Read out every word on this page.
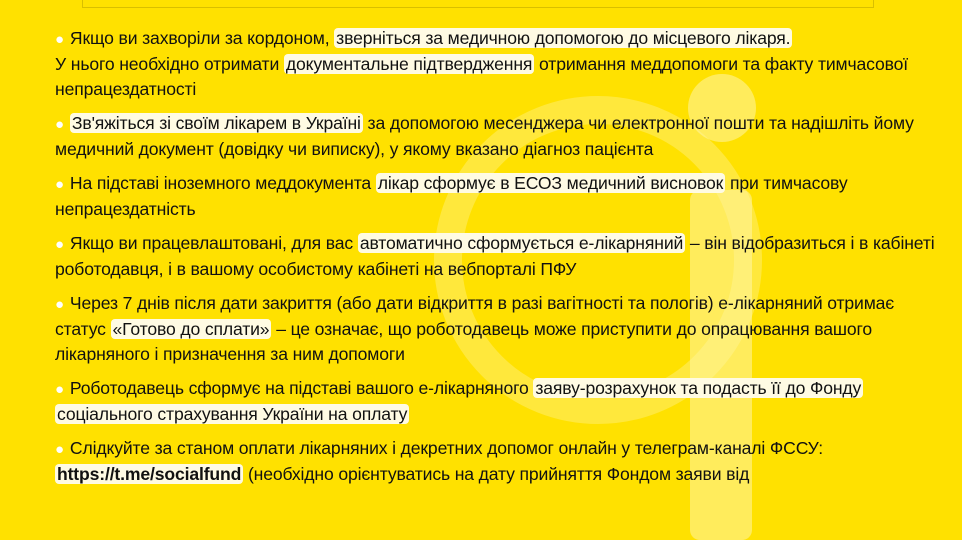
● Якщо ви захворіли за кордоном, зверніться за медичною допомогою до місцевого лікаря.
У нього необхідно отримати документальне підтвердження отримання меддопомоги та факту тимчасової непрацездатності
● Зв'яжіться зі своїм лікарем в Україні за допомогою месенджера чи електронної пошти та надішліть йому медичний документ (довідку чи виписку), у якому вказано діагноз пацієнта
● На підставі іноземного меддокумента лікар сформує в ЕСОЗ медичний висновок при тимчасову непрацездатність
● Якщо ви працевлаштовані, для вас автоматично сформується е-лікарняний – він відобразиться і в кабінеті роботодавця, і в вашому особистому кабінеті на вебпорталі ПФУ
● Через 7 днів після дати закриття (або дати відкриття в разі вагітності та пологів) е-лікарняний отримає статус «Готово до сплати» – це означає, що роботодавець може приступити до опрацювання вашого лікарняного і призначення за ним допомоги
● Роботодавець сформує на підставі вашого е-лікарняного заяву-розрахунок та подасть її до Фонду соціального страхування України на оплату
● Слідкуйте за станом оплати лікарняних і декретних допомог онлайн у телеграм-каналі ФССУ:
https://t.me/socialfund (необхідно орієнтуватись на дату прийняття Фондом заяви від
